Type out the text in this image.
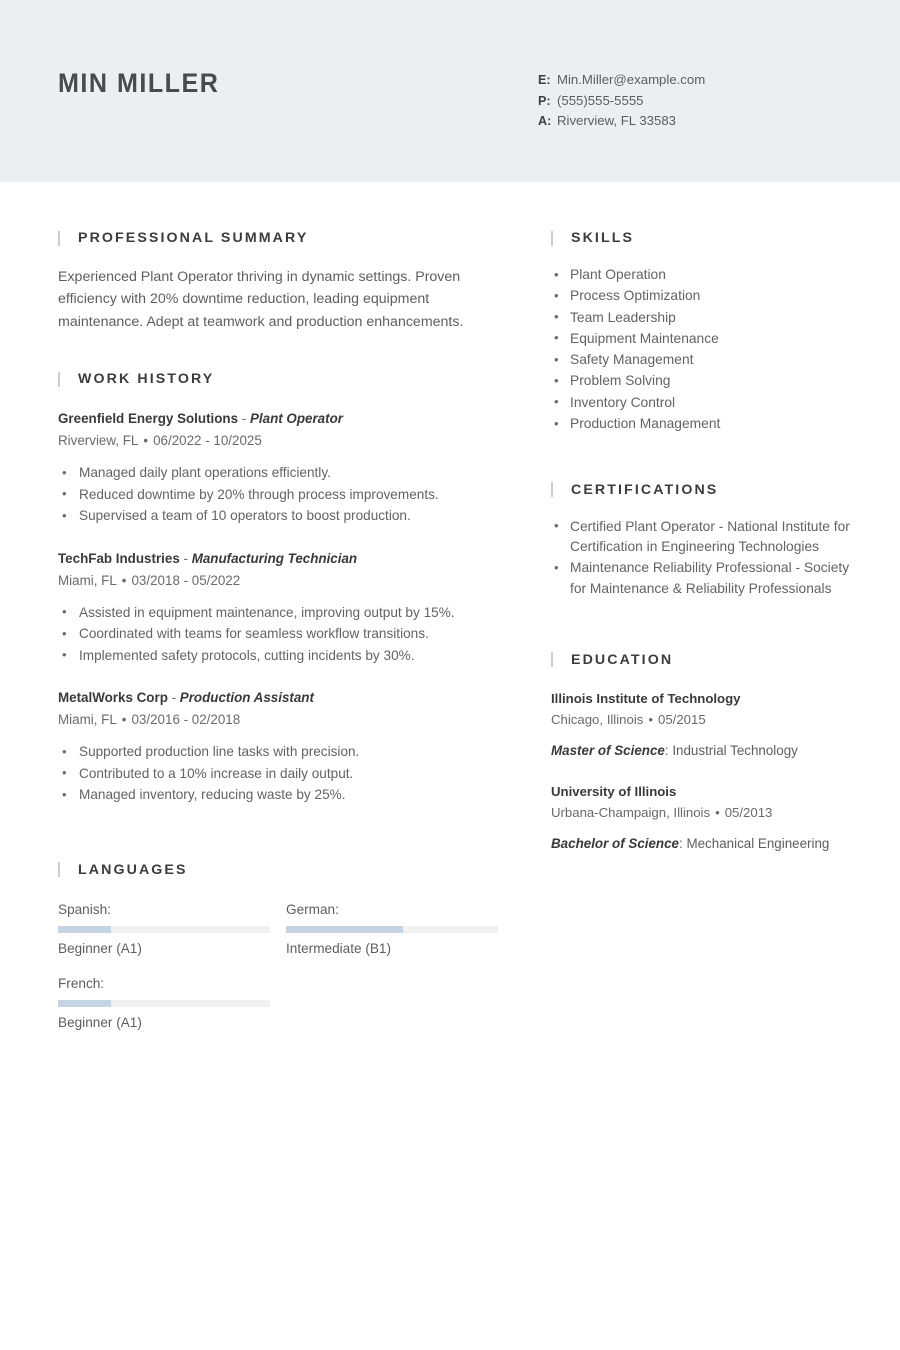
MIN MILLER	E: Min.Miller@example.com
P: (555)555-5555
A: Riverview, FL 33583
PROFESSIONAL SUMMARY

Experienced Plant Operator thriving in dynamic settings. Proven efficiency with 20% downtime reduction, leading equipment maintenance. Adept at teamwork and production enhancements.

WORK HISTORY
Greenfield Energy Solutions - Plant Operator
Riverview, FL • 06/2022 - 10/2025
• Managed daily plant operations efficiently.
• Reduced downtime by 20% through process improvements.
• Supervised a team of 10 operators to boost production.
TechFab Industries - Manufacturing Technician
Miami, FL • 03/2018 - 05/2022
• Assisted in equipment maintenance, improving output by 15%.
• Coordinated with teams for seamless workflow transitions.
• Implemented safety protocols, cutting incidents by 30%.
MetalWorks Corp - Production Assistant
Miami, FL • 03/2016 - 02/2018
• Supported production line tasks with precision.
• Contributed to a 10% increase in daily output.
• Managed inventory, reducing waste by 25%.
LANGUAGES
Spanish:
Beginner (A1)
German:
Intermediate (B1)
French:
Beginner (A1)
SKILLS
• Plant Operation
• Process Optimization
• Team Leadership
• Equipment Maintenance
• Safety Management
• Problem Solving
• Inventory Control
• Production Management
CERTIFICATIONS
• Certified Plant Operator - National Institute for Certification in Engineering Technologies
• Maintenance Reliability Professional - Society for Maintenance & Reliability Professionals
EDUCATION
Illinois Institute of Technology
Chicago, Illinois • 05/2015
Master of Science: Industrial Technology
University of Illinois
Urbana-Champaign, Illinois • 05/2013
Bachelor of Science: Mechanical Engineering
